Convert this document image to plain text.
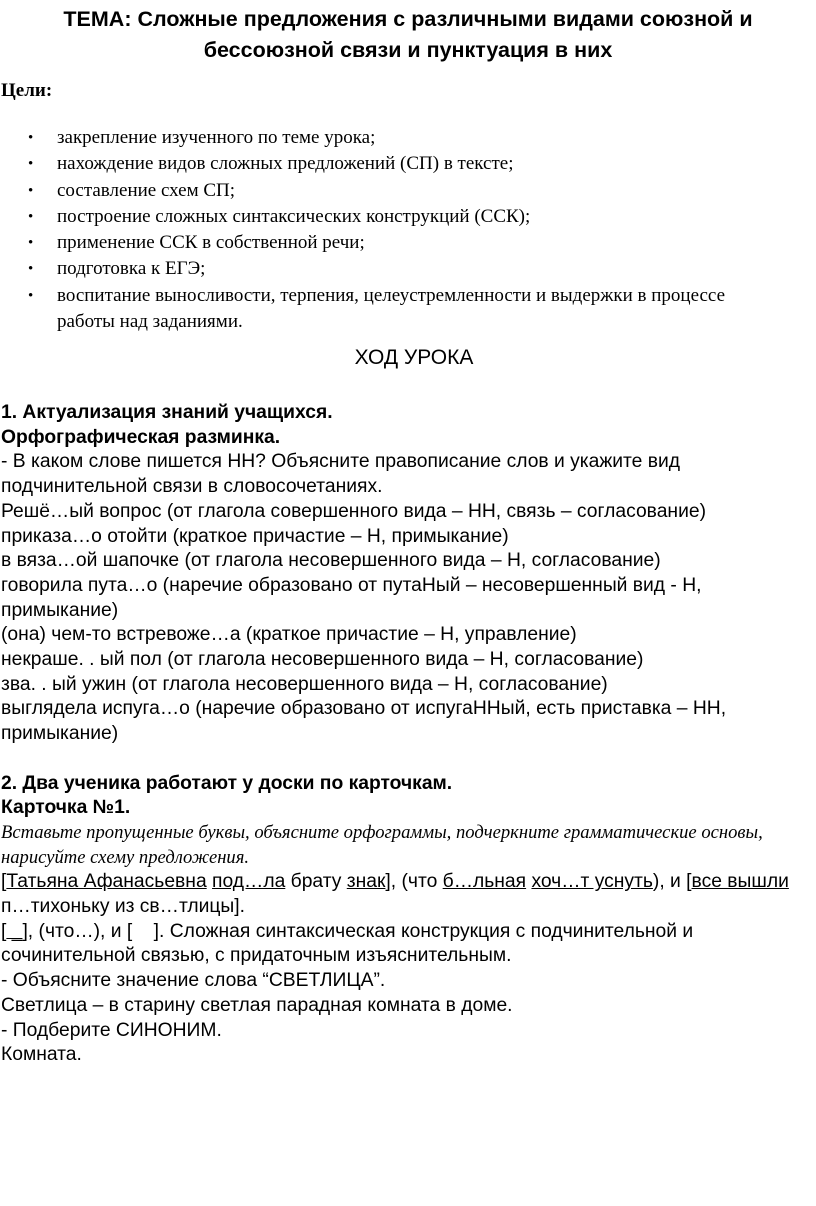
ТЕМА: Сложные предложения с различными видами союзной и бессоюзной связи и пунктуация в них
Цели:
• закрепление изученного по теме урока;
• нахождение видов сложных предложений (СП) в тексте;
• составление схем СП;
• построение сложных синтаксических конструкций (ССК);
• применение ССК в собственной речи;
• подготовка к ЕГЭ;
• воспитание выносливости, терпения, целеустремленности и выдержки в процессе работы над заданиями.
ХОД УРОКА

1. Актуализация знаний учащихся.

Орфографическая разминка.

- В каком слове пишется НН? Объясните правописание слов и укажите вид подчинительной связи в словосочетаниях.

Решё…ый вопрос (от глагола совершенного вида – НН, связь – согласование)

приказа…о отойти (краткое причастие – Н, примыкание)

в вяза…ой шапочке (от глагола несовершенного вида – Н, согласование)

говорила пута…о (наречие образовано от путаНый – несовершенный вид - Н, примыкание)

(она) чем-то встревоже…а (краткое причастие – Н, управление)

некраше. . ый пол (от глагола несовершенного вида – Н, согласование)

зва. . ый ужин (от глагола несовершенного вида – Н, согласование)

выглядела испуга…о (наречие образовано от испугаННый, есть приставка – НН, примыкание)

2. Два ученика работают у доски по карточкам.

Карточка №1.

Вставьте пропущенные буквы, объясните орфограммы, подчеркните грамматические основы, нарисуйте схему предложения.

[Татьяна Афанасьевна под…ла брату знак], (что б…льная хоч…т уснуть), и [все вышли п…тихоньку из св…тлицы].

[ _], (что…), и [ ]. Сложная синтаксическая конструкция с подчинительной и сочинительной связью, с придаточным изъяснительным.

- Объясните значение слова “СВЕТЛИЦА”.

Светлица – в старину светлая парадная комната в доме.

- Подберите СИНОНИМ.

Комната.
